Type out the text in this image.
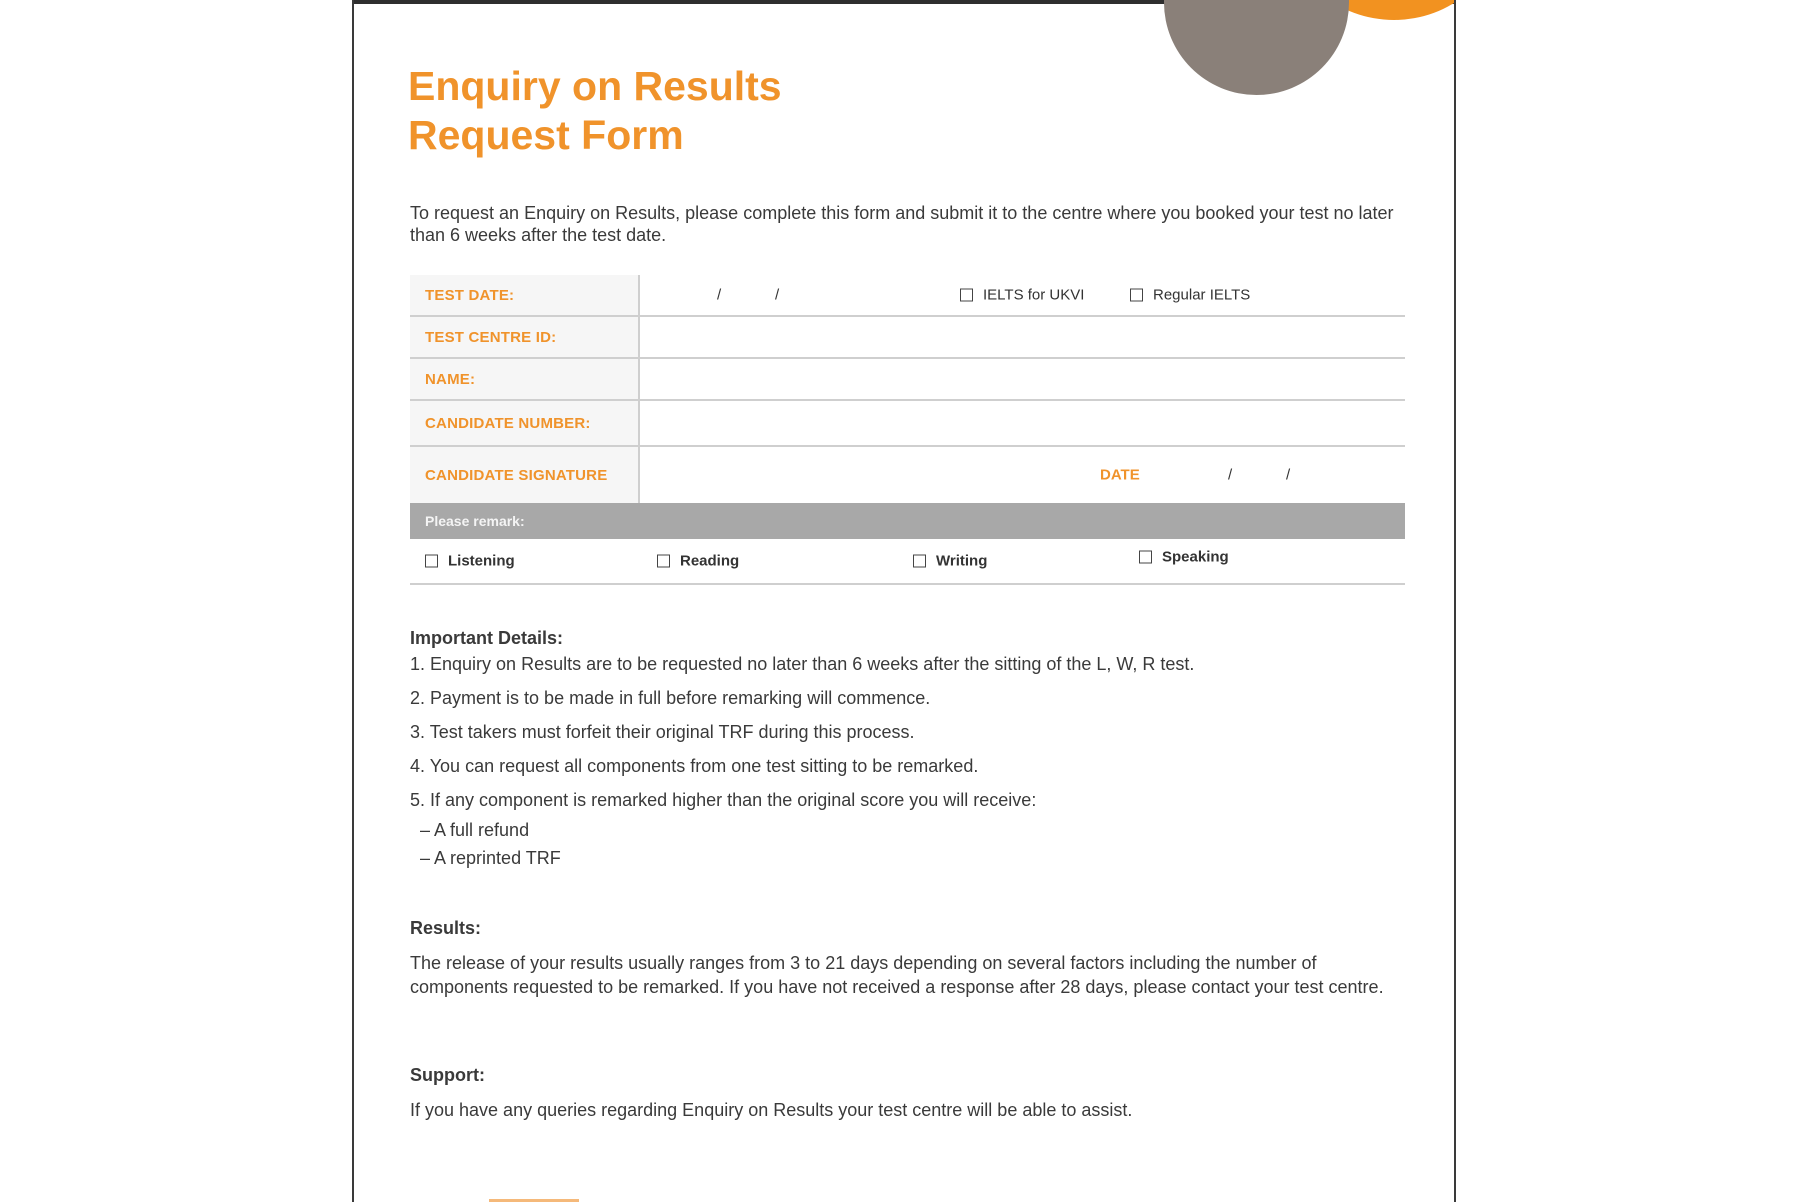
Enquiry on Results
Request Form

To request an Enquiry on Results, please complete this form and submit it to the centre where you booked your test no later than 6 weeks after the test date.

TEST DATE:	/	/	IELTS for UKVI	Regular IELTS
TEST CENTRE ID:
NAME:
CANDIDATE NUMBER:
CANDIDATE SIGNATURE	DATE	/	/
Please remark:
Listening	Reading	Writing	Speaking

Important Details:

1. Enquiry on Results are to be requested no later than 6 weeks after the sitting of the L, W, R test.
2. Payment is to be made in full before remarking will commence.
3. Test takers must forfeit their original TRF during this process.
4. You can request all components from one test sitting to be remarked.
5. If any component is remarked higher than the original score you will receive:
– A full refund
– A reprinted TRF

Results:

The release of your results usually ranges from 3 to 21 days depending on several factors including the number of components requested to be remarked. If you have not received a response after 28 days, please contact your test centre.

Support:

If you have any queries regarding Enquiry on Results your test centre will be able to assist.
